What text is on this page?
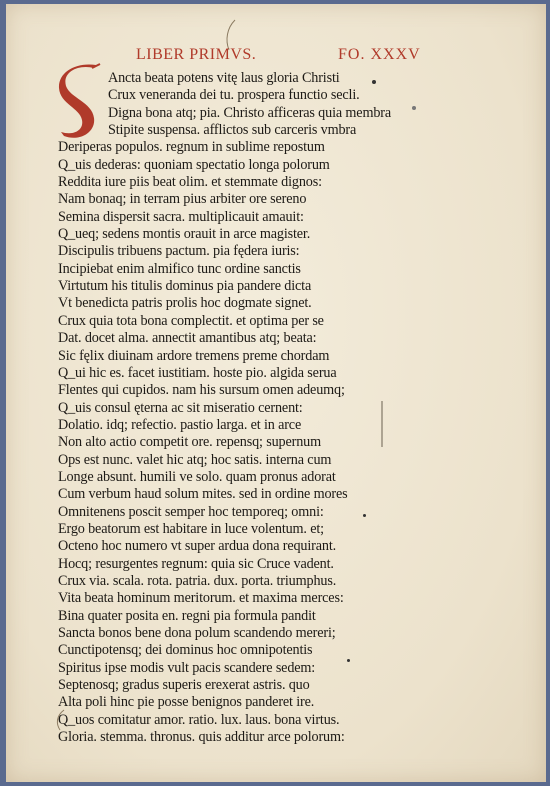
LIBER PRIMVS.	FO. XXXV
Ancta beata potens vitę laus gloria Christi
Crux veneranda dei tu. prospera functio secli.
Digna bona atq; pia. Christo afficeras quia membra
Stipite suspensa. afflictos sub carceris vmbra
Deriperas populos. regnum in sublime repostum
Q_uis dederas: quoniam spectatio longa polorum
Reddita iure piis beat olim. et stemmate dignos:
Nam bonaq; in terram pius arbiter ore sereno
Semina dispersit sacra. multiplicauit amauit:
Q_ueq; sedens montis orauit in arce magister.
Discipulis tribuens pactum. pia fędera iuris:
Incipiebat enim almifico tunc ordine sanctis
Virtutum his titulis dominus pia pandere dicta
Vt benedicta patris prolis hoc dogmate signet.
Crux quia tota bona complectit. et optima per se
Dat. docet alma. annectit amantibus atq; beata:
Sic fęlix diuinam ardore tremens preme chordam
Q_ui hic es. facet iustitiam. hoste pio. algida serua
Flentes qui cupidos. nam his sursum omen adeumq;
Q_uis consul ęterna ac sit miseratio cernent:
Dolatio. idq; refectio. pastio larga. et in arce
Non alto actio competit ore. repensq; supernum
Ops est nunc. valet hic atq; hoc satis. interna cum
Longe absunt. humili ve solo. quam pronus adorat
Cum verbum haud solum mites. sed in ordine mores
Omnitenens poscit semper hoc temporeq; omni:
Ergo beatorum est habitare in luce volentum. et;
Octeno hoc numero vt super ardua dona requirant.
Hocq; resurgentes regnum: quia sic Cruce vadent.
Crux via. scala. rota. patria. dux. porta. triumphus.
Vita beata hominum meritorum. et maxima merces:
Bina quater posita en. regni pia formula pandit
Sancta bonos bene dona polum scandendo mereri;
Cunctipotensq; dei dominus hoc omnipotentis
Spiritus ipse modis vult pacis scandere sedem:
Septenosq; gradus superis erexerat astris. quo
Alta poli hinc pie posse benignos panderet ire.
Q_uos comitatur amor. ratio. lux. laus. bona virtus.
Gloria. stemma. thronus. quis additur arce polorum:
